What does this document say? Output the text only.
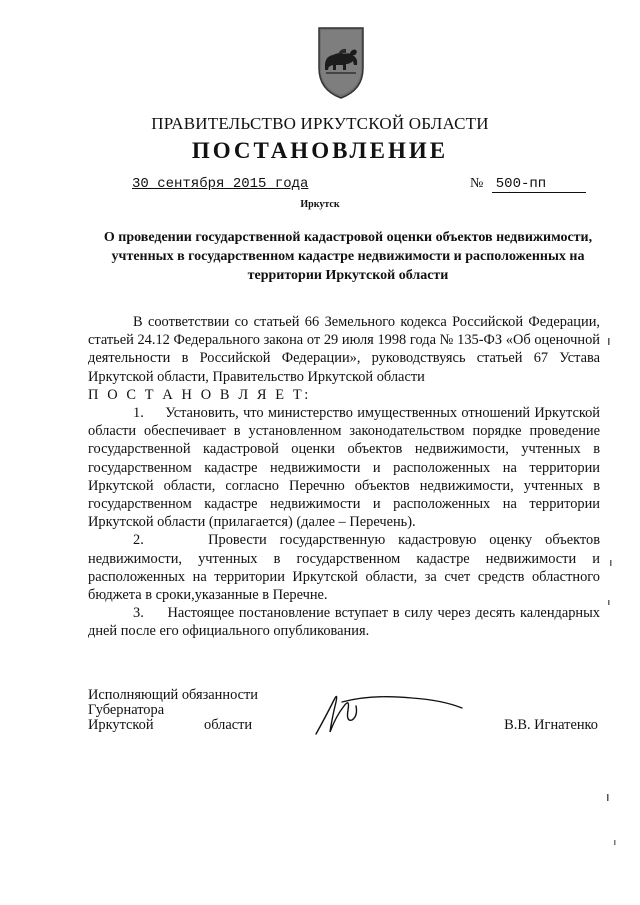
ПРАВИТЕЛЬСТВО ИРКУТСКОЙ ОБЛАСТИ
ПОСТАНОВЛЕНИЕ
30 сентября 2015 года	№ 500-пп
Иркутск
О проведении государственной кадастровой оценки объектов недвижимости, учтенных в государственном кадастре недвижимости и расположенных на территории Иркутской области

В соответствии со статьей 66 Земельного кодекса Российской Федерации, статьей 24.12 Федерального закона от 29 июля 1998 года № 135-ФЗ «Об оценочной деятельности в Российской Федерации», руководствуясь статьей 67 Устава Иркутской области, Правительство Иркутской области

П О С Т А Н О В Л Я Е Т:

1.     Установить, что министерство имущественных отношений Иркутской области обеспечивает в установленном законодательством порядке проведение государственной кадастровой оценки объектов недвижимости, учтенных в государственном кадастре недвижимости и расположенных на территории Иркутской области, согласно Перечню объектов недвижимости, учтенных в государственном кадастре недвижимости и расположенных на территории Иркутской области (прилагается) (далее – Перечень).

2.     Провести государственную кадастровую оценку объектов недвижимости, учтенных в государственном кадастре недвижимости и расположенных на территории Иркутской области, за счет средств областного бюджета в сроки,указанные в Перечне.

3.     Настоящее постановление вступает в силу через десять календарных дней после его официального опубликования.

Исполняющий обязанности
Губернатора
Иркутской	области	В.В. Игнатенко
